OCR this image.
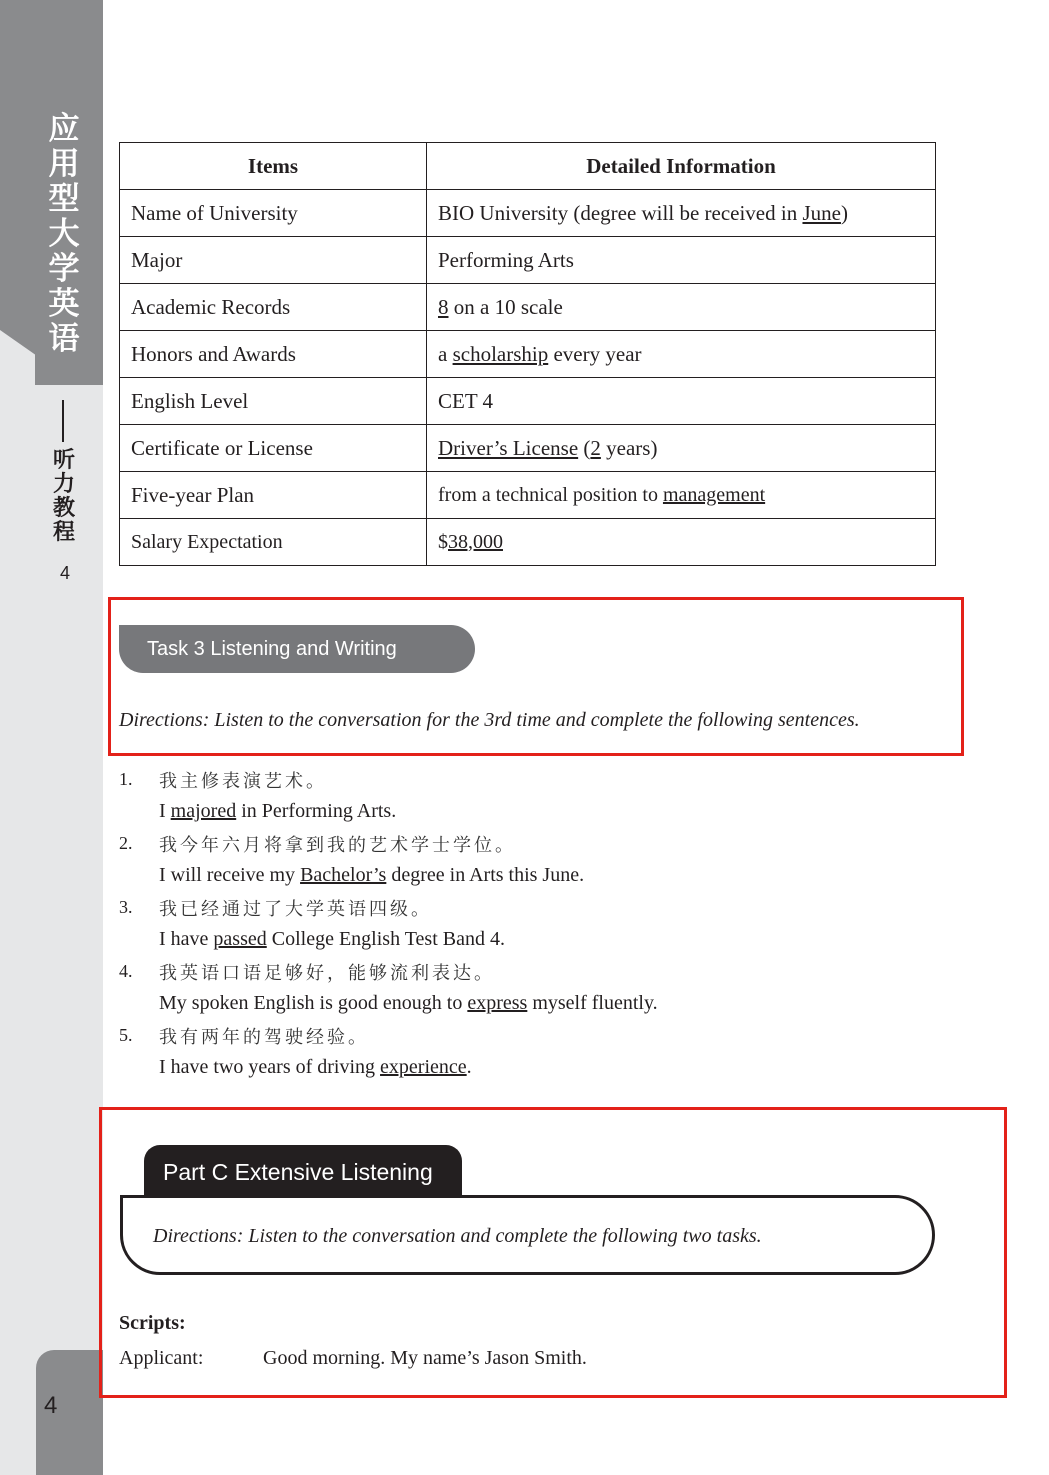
应
用
型
大
学
英
语
听
力
教
程
4
4
Items	Detailed Information
Name of University	BIO University (degree will be received in June)
Major	Performing Arts
Academic Records	8 on a 10 scale
Honors and Awards	a scholarship every year
English Level	CET 4
Certificate or License	Driver’s License (2 years)
Five-year Plan	from a technical position to management
Salary Expectation	$38,000
Task 3 Listening and Writing
Directions: Listen to the conversation for the 3rd time and complete the following sentences.
1. 我主修表演艺术。
I majored in Performing Arts.
2. 我今年六月将拿到我的艺术学士学位。
I will receive my Bachelor’s degree in Arts this June.
3. 我已经通过了大学英语四级。
I have passed College English Test Band 4.
4. 我英语口语足够好，能够流利表达。
My spoken English is good enough to express myself fluently.
5. 我有两年的驾驶经验。
I have two years of driving experience.
Part C Extensive Listening
Directions: Listen to the conversation and complete the following two tasks.
Scripts:
Applicant:	Good morning. My name’s Jason Smith.
